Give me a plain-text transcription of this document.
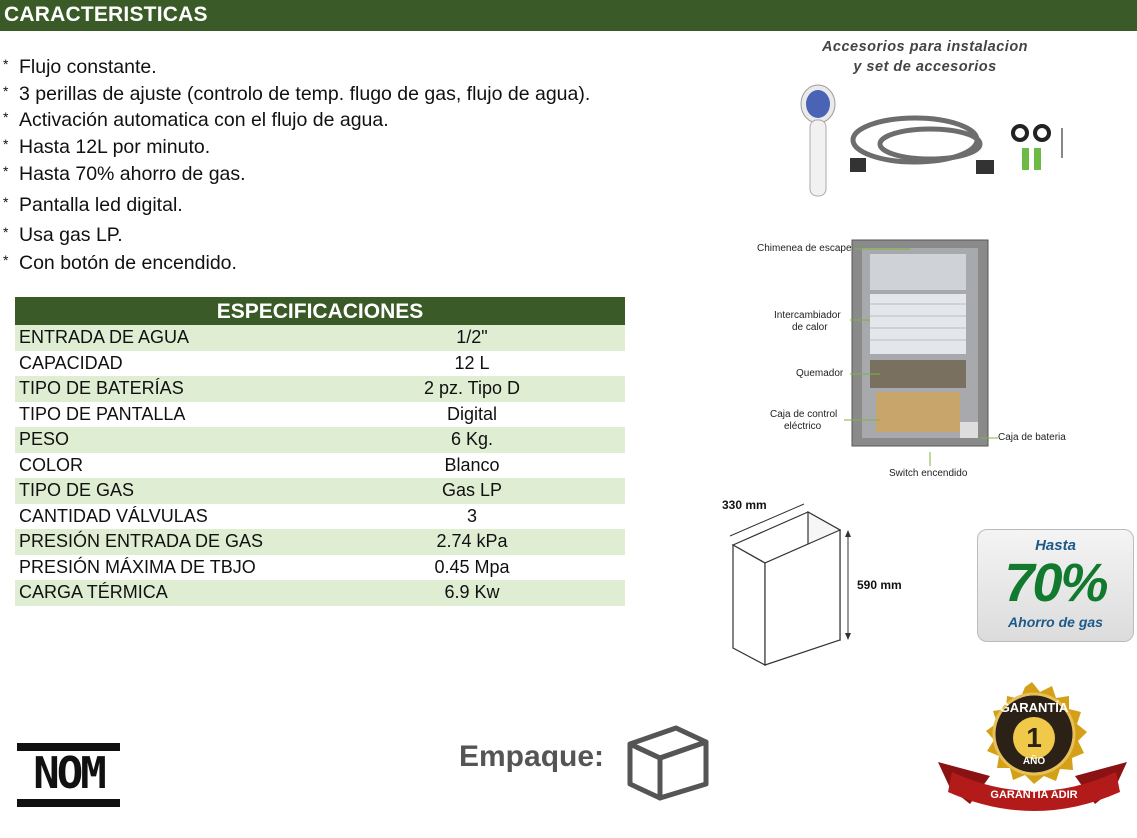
CARACTERISTICAS
* Flujo constante.
* 3 perillas de ajuste (controlo de temp. flugo de gas, flujo de agua).
* Activación automatica con el flujo de agua.
* Hasta 12L por minuto.
* Hasta 70% ahorro de gas.
* Pantalla led digital.
* Usa gas LP.
* Con botón de encendido.
ESPECIFICACIONES
ENTRADA DE AGUA	1/2"
CAPACIDAD	12 L
TIPO DE BATERÍAS	2 pz. Tipo D
TIPO DE PANTALLA	Digital
PESO	6 Kg.
COLOR	Blanco
TIPO DE GAS	Gas LP
CANTIDAD VÁLVULAS	3
PRESIÓN ENTRADA DE GAS	2.74 kPa
PRESIÓN MÁXIMA DE TBJO	0.45 Mpa
CARGA TÉRMICA	6.9 Kw
Accesorios para instalacion
y set de accesorios
Chimenea de escape
Intercambiador
de calor
Quemador
Caja de control
eléctrico
Caja de bateria
Switch encendido
330 mm
590 mm
Hasta
70%
Ahorro de gas
NOM	Empaque:
GARANTÍA
1
AÑO
GARANTÍA ADIR
